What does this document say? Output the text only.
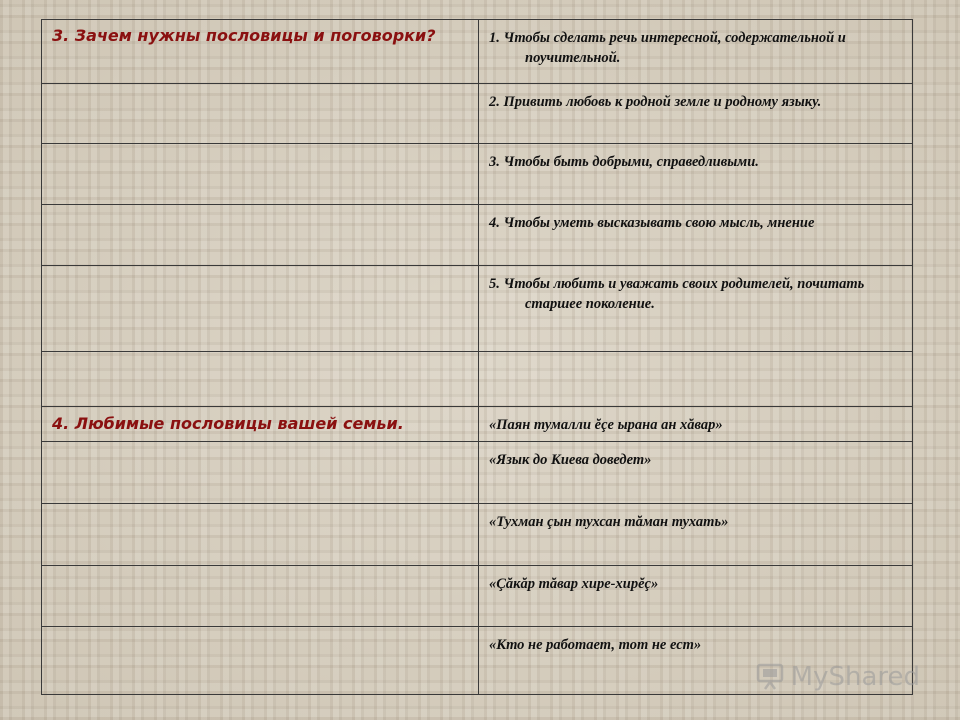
3. Зачем нужны пословицы и поговорки?	1. Чтобы сделать речь интересной, содержательной и поучительной.

	2. Привить любовь к родной земле и родному языку.

	3. Чтобы быть добрыми, справедливыми.

	4. Чтобы уметь высказывать свою мысль, мнение

	5. Чтобы любить и уважать своих родителей, почитать старшее поколение.

4. Любимые пословицы вашей семьи.	«Паян тумалли ĕçе ырана ан хăвар»

	«Язык до Киева доведет»

	«Тухман çын тухсан тăман тухать»

	«Çăкăр тăвар хире-хирĕç»

	«Кто не работает, тот не ест»
MyShared
